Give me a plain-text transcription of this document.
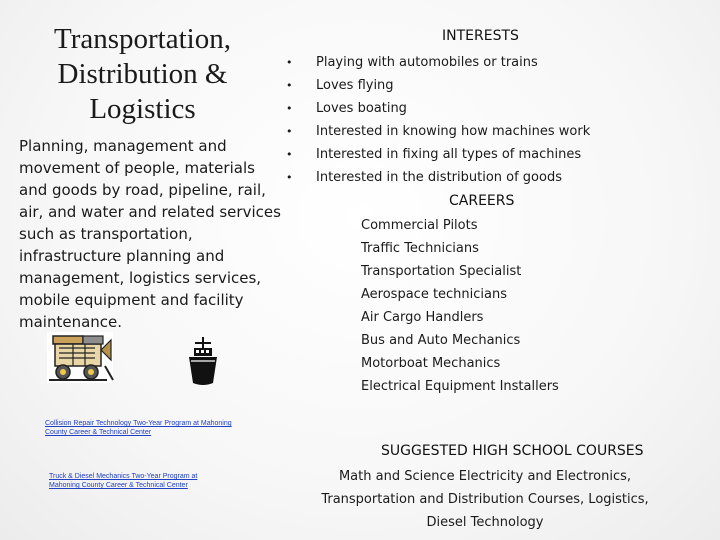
Transportation,
Distribution &
Logistics
Planning, management and movement of people, materials and goods by road, pipeline, rail, air, and water and related services such as transportation, infrastructure planning and management, logistics services, mobile equipment and facility maintenance.
Collision Repair Technology Two-Year Program at Mahoning County Career & Technical Center
Truck & Diesel Mechanics Two-Year Program at Mahoning County Career & Technical Center
INTERESTS
• Playing with automobiles or trains
• Loves flying
• Loves boating
• Interested in knowing how machines work
• Interested in fixing all types of machines
• Interested in the distribution of goods
CAREERS
Commercial Pilots
Traffic Technicians
Transportation Specialist
Aerospace technicians
Air Cargo Handlers
Bus and Auto Mechanics
Motorboat Mechanics
Electrical Equipment Installers
SUGGESTED HIGH SCHOOL COURSES
Math and Science Electricity and Electronics, Transportation and Distribution Courses, Logistics, Diesel Technology
